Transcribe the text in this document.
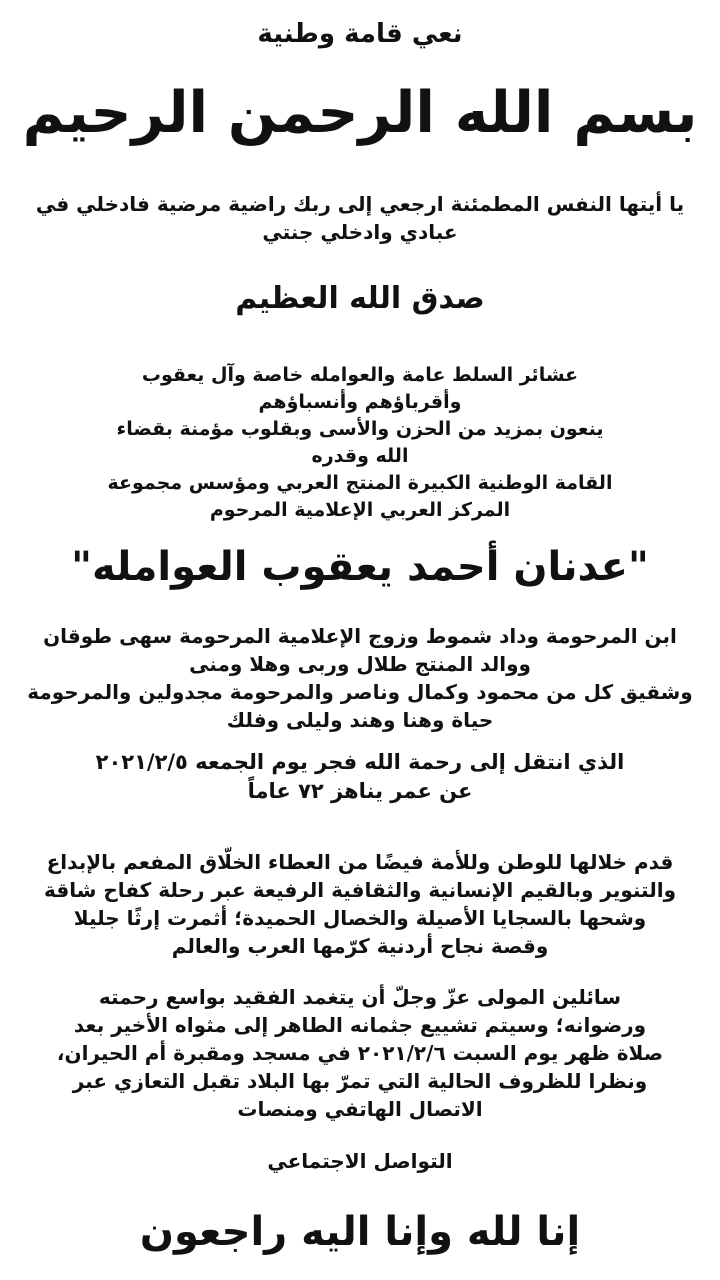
نعي قامة وطنية
بسم الله الرحمن الرحيم
يا أيتها النفس المطمئنة ارجعي إلى ربك راضية مرضية فادخلي في
عبادي وادخلي جنتي
صدق الله العظيم
عشائر السلط عامة والعوامله خاصة وآل يعقوب
وأقرباؤهم وأنسباؤهم
ينعون بمزيد من الحزن والأسى وبقلوب مؤمنة بقضاء
الله وقدره
القامة الوطنية الكبيرة المنتج العربي ومؤسس مجموعة
المركز العربي الإعلامية المرحوم
"عدنان أحمد يعقوب العوامله"
ابن المرحومة وداد شموط وزوج الإعلامية المرحومة سهى طوقان
ووالد المنتج طلال وربى وهلا ومنى
وشقيق كل من محمود وكمال وناصر والمرحومة مجدولين والمرحومة
حياة وهنا وهند وليلى وفلك
الذي انتقل إلى رحمة الله فجر يوم الجمعه ٢٠٢١/٢/٥
عن عمر يناهز ٧٢ عاماً
قدم خلالها للوطن وللأمة فيضًا من العطاء الخلّاق المفعم بالإبداع
والتنوير وبالقيم الإنسانية والثقافية الرفيعة عبر رحلة كفاح شاقة
وشحها بالسجايا الأصيلة والخصال الحميدة؛ أثمرت إرثًا جليلا
وقصة نجاح أردنية كرّمها العرب والعالم
سائلين المولى عزّ وجلّ أن يتغمد الفقيد بواسع رحمته
ورضوانه؛ وسيتم تشييع جثمانه الطاهر إلى مثواه الأخير بعد
صلاة ظهر يوم السبت ٢٠٢١/٢/٦ في مسجد ومقبرة أم الحيران،
ونظرا للظروف الحالية التي تمرّ بها البلاد تقبل التعازي عبر
الاتصال الهاتفي ومنصات
التواصل الاجتماعي
إنا لله وإنا اليه راجعون
